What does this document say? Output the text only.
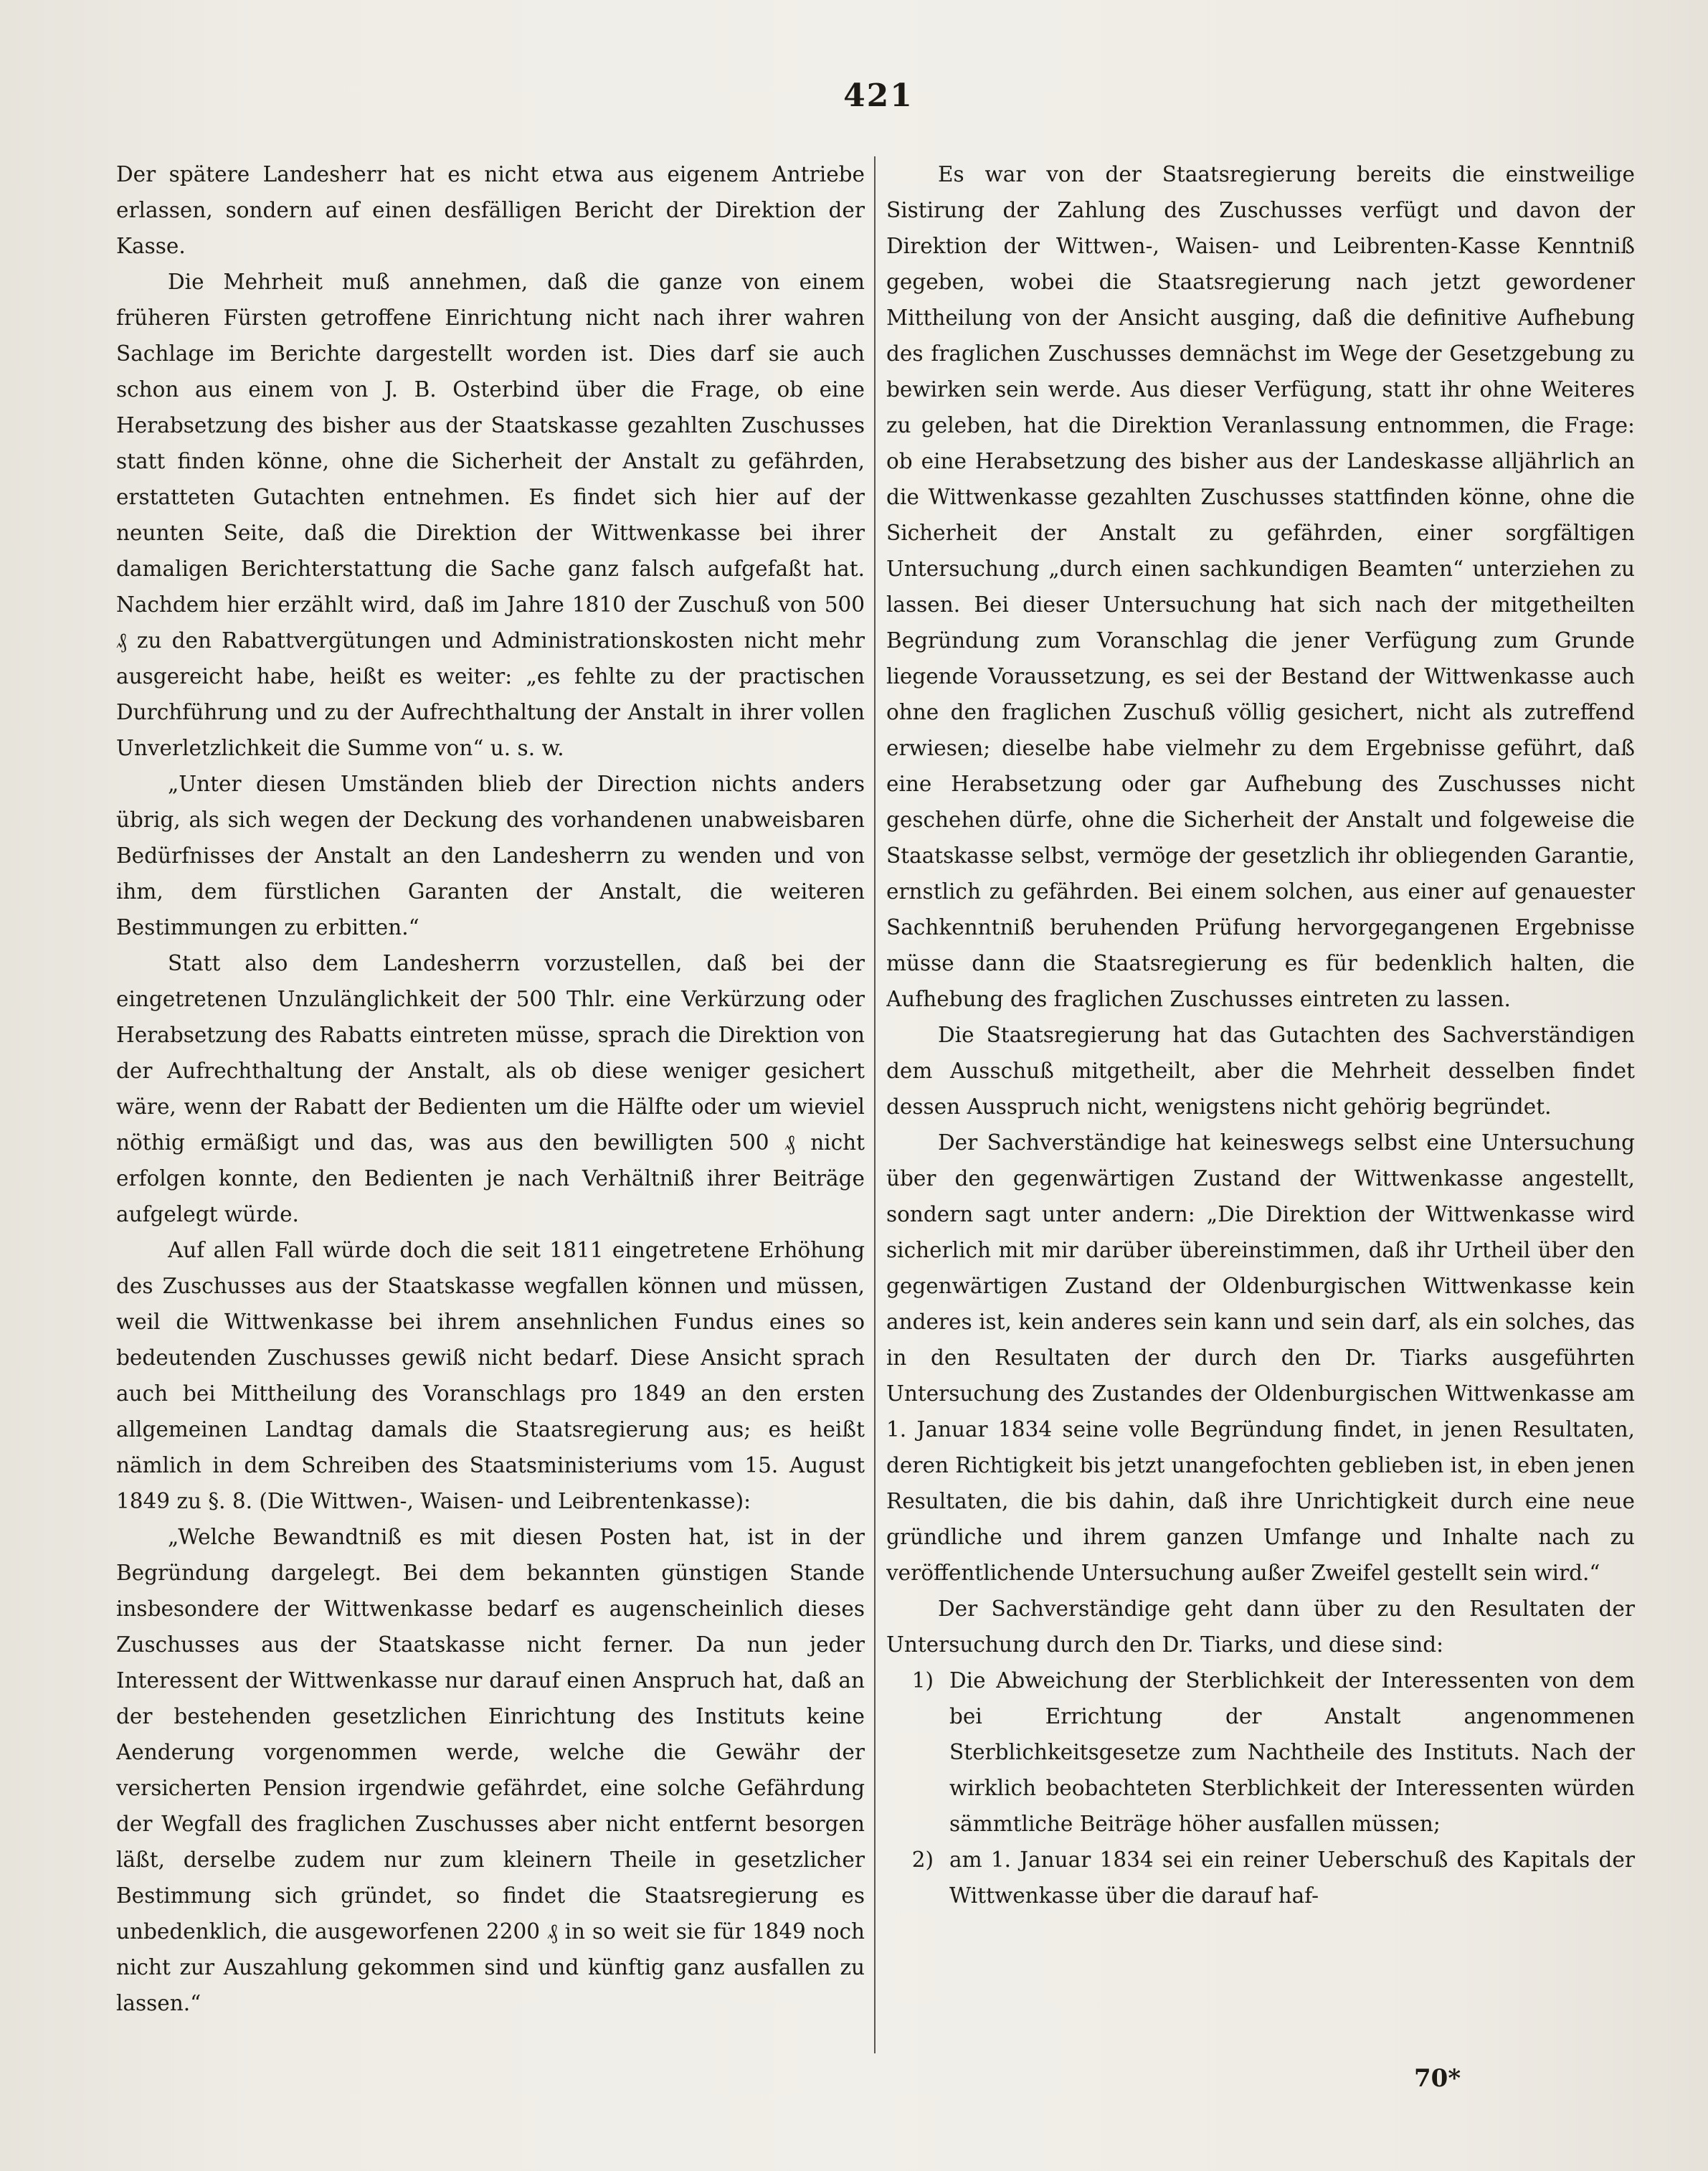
421

Der spätere Landesherr hat es nicht etwa aus eigenem Antriebe erlassen, sondern auf einen desfälligen Bericht der Direktion der Kasse.

Die Mehrheit muß annehmen, daß die ganze von einem früheren Fürsten getroffene Einrichtung nicht nach ihrer wahren Sachlage im Berichte dargestellt worden ist. Dies darf sie auch schon aus einem von J. B. Osterbind über die Frage, ob eine Herabsetzung des bisher aus der Staatskasse gezahlten Zuschusses statt finden könne, ohne die Sicherheit der Anstalt zu gefährden, erstatteten Gutachten entnehmen. Es findet sich hier auf der neunten Seite, daß die Direktion der Wittwenkasse bei ihrer damaligen Berichterstattung die Sache ganz falsch aufgefaßt hat. Nachdem hier erzählt wird, daß im Jahre 1810 der Zuschuß von 500 ₰ zu den Rabattvergütungen und Administrationskosten nicht mehr ausgereicht habe, heißt es weiter: „es fehlte zu der practischen Durchführung und zu der Aufrechthaltung der Anstalt in ihrer vollen Unverletzlichkeit die Summe von“ u. s. w.

„Unter diesen Umständen blieb der Direction nichts anders übrig, als sich wegen der Deckung des vorhandenen unabweisbaren Bedürfnisses der Anstalt an den Landesherrn zu wenden und von ihm, dem fürstlichen Garanten der Anstalt, die weiteren Bestimmungen zu erbitten.“

Statt also dem Landesherrn vorzustellen, daß bei der eingetretenen Unzulänglichkeit der 500 Thlr. eine Verkürzung oder Herabsetzung des Rabatts eintreten müsse, sprach die Direktion von der Aufrechthaltung der Anstalt, als ob diese weniger gesichert wäre, wenn der Rabatt der Bedienten um die Hälfte oder um wieviel nöthig ermäßigt und das, was aus den bewilligten 500 ₰ nicht erfolgen konnte, den Bedienten je nach Verhältniß ihrer Beiträge aufgelegt würde.

Auf allen Fall würde doch die seit 1811 eingetretene Erhöhung des Zuschusses aus der Staatskasse wegfallen können und müssen, weil die Wittwenkasse bei ihrem ansehnlichen Fundus eines so bedeutenden Zuschusses gewiß nicht bedarf. Diese Ansicht sprach auch bei Mittheilung des Voranschlags pro 1849 an den ersten allgemeinen Landtag damals die Staatsregierung aus; es heißt nämlich in dem Schreiben des Staatsministeriums vom 15. August 1849 zu §. 8. (Die Wittwen-, Waisen- und Leibrentenkasse):

„Welche Bewandtniß es mit diesen Posten hat, ist in der Begründung dargelegt. Bei dem bekannten günstigen Stande insbesondere der Wittwenkasse bedarf es augenscheinlich dieses Zuschusses aus der Staatskasse nicht ferner. Da nun jeder Interessent der Wittwenkasse nur darauf einen Anspruch hat, daß an der bestehenden gesetzlichen Einrichtung des Instituts keine Aenderung vorgenommen werde, welche die Gewähr der versicherten Pension irgendwie gefährdet, eine solche Gefährdung der Wegfall des fraglichen Zuschusses aber nicht entfernt besorgen läßt, derselbe zudem nur zum kleinern Theile in gesetzlicher Bestimmung sich gründet, so findet die Staatsregierung es unbedenklich, die ausgeworfenen 2200 ₰ in so weit sie für 1849 noch nicht zur Auszahlung gekommen sind und künftig ganz ausfallen zu lassen.“

Es war von der Staatsregierung bereits die einstweilige Sistirung der Zahlung des Zuschusses verfügt und davon der Direktion der Wittwen-, Waisen- und Leibrenten-Kasse Kenntniß gegeben, wobei die Staatsregierung nach jetzt gewordener Mittheilung von der Ansicht ausging, daß die definitive Aufhebung des fraglichen Zuschusses demnächst im Wege der Gesetzgebung zu bewirken sein werde. Aus dieser Verfügung, statt ihr ohne Weiteres zu geleben, hat die Direktion Veranlassung entnommen, die Frage: ob eine Herabsetzung des bisher aus der Landeskasse alljährlich an die Wittwenkasse gezahlten Zuschusses stattfinden könne, ohne die Sicherheit der Anstalt zu gefährden, einer sorgfältigen Untersuchung „durch einen sachkundigen Beamten“ unterziehen zu lassen. Bei dieser Untersuchung hat sich nach der mitgetheilten Begründung zum Voranschlag die jener Verfügung zum Grunde liegende Voraussetzung, es sei der Bestand der Wittwenkasse auch ohne den fraglichen Zuschuß völlig gesichert, nicht als zutreffend erwiesen; dieselbe habe vielmehr zu dem Ergebnisse geführt, daß eine Herabsetzung oder gar Aufhebung des Zuschusses nicht geschehen dürfe, ohne die Sicherheit der Anstalt und folgeweise die Staatskasse selbst, vermöge der gesetzlich ihr obliegenden Garantie, ernstlich zu gefährden. Bei einem solchen, aus einer auf genauester Sachkenntniß beruhenden Prüfung hervorgegangenen Ergebnisse müsse dann die Staatsregierung es für bedenklich halten, die Aufhebung des fraglichen Zuschusses eintreten zu lassen.

Die Staatsregierung hat das Gutachten des Sachverständigen dem Ausschuß mitgetheilt, aber die Mehrheit desselben findet dessen Ausspruch nicht, wenigstens nicht gehörig begründet.

Der Sachverständige hat keineswegs selbst eine Untersuchung über den gegenwärtigen Zustand der Wittwenkasse angestellt, sondern sagt unter andern: „Die Direktion der Wittwenkasse wird sicherlich mit mir darüber übereinstimmen, daß ihr Urtheil über den gegenwärtigen Zustand der Oldenburgischen Wittwenkasse kein anderes ist, kein anderes sein kann und sein darf, als ein solches, das in den Resultaten der durch den Dr. Tiarks ausgeführten Untersuchung des Zustandes der Oldenburgischen Wittwenkasse am 1. Januar 1834 seine volle Begründung findet, in jenen Resultaten, deren Richtigkeit bis jetzt unangefochten geblieben ist, in eben jenen Resultaten, die bis dahin, daß ihre Unrichtigkeit durch eine neue gründliche und ihrem ganzen Umfange und Inhalte nach zu veröffentlichende Untersuchung außer Zweifel gestellt sein wird.“

Der Sachverständige geht dann über zu den Resultaten der Untersuchung durch den Dr. Tiarks, und diese sind:

1) Die Abweichung der Sterblichkeit der Interessenten von dem bei Errichtung der Anstalt angenommenen Sterblichkeitsgesetze zum Nachtheile des Instituts. Nach der wirklich beobachteten Sterblichkeit der Interessenten würden sämmtliche Beiträge höher ausfallen müssen;
2) am 1. Januar 1834 sei ein reiner Ueberschuß des Kapitals der Wittwenkasse über die darauf haf-
70*
